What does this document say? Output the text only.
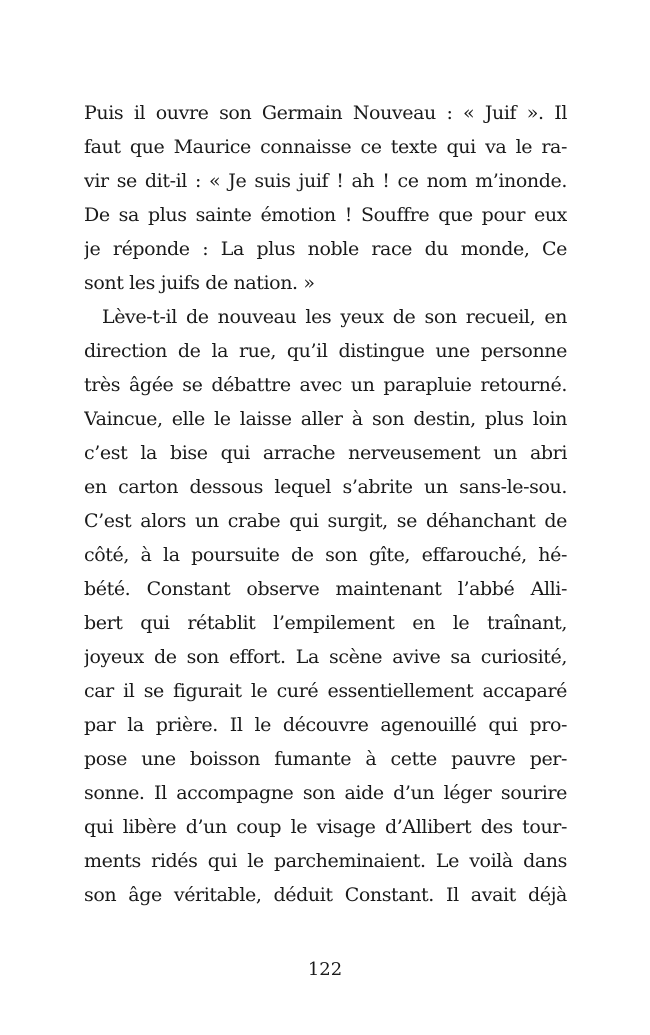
Puis il ouvre son Germain Nouveau : « Juif ». Il
faut que Maurice connaisse ce texte qui va le ra-
vir se dit-il : « Je suis juif ! ah ! ce nom m’inonde.
De sa plus sainte émotion ! Souffre que pour eux
je réponde : La plus noble race du monde, Ce
sont les juifs de nation. »
Lève-t-il de nouveau les yeux de son recueil, en
direction de la rue, qu’il distingue une personne
très âgée se débattre avec un parapluie retourné.
Vaincue, elle le laisse aller à son destin, plus loin
c’est la bise qui arrache nerveusement un abri
en carton dessous lequel s’abrite un sans-le-sou.
C’est alors un crabe qui surgit, se déhanchant de
côté, à la poursuite de son gîte, effarouché, hé-
bété. Constant observe maintenant l’abbé Alli-
bert qui rétablit l’empilement en le traînant,
joyeux de son effort. La scène avive sa curiosité,
car il se figurait le curé essentiellement accaparé
par la prière. Il le découvre agenouillé qui pro-
pose une boisson fumante à cette pauvre per-
sonne. Il accompagne son aide d’un léger sourire
qui libère d’un coup le visage d’Allibert des tour-
ments ridés qui le parcheminaient. Le voilà dans
son âge véritable, déduit Constant. Il avait déjà
122
